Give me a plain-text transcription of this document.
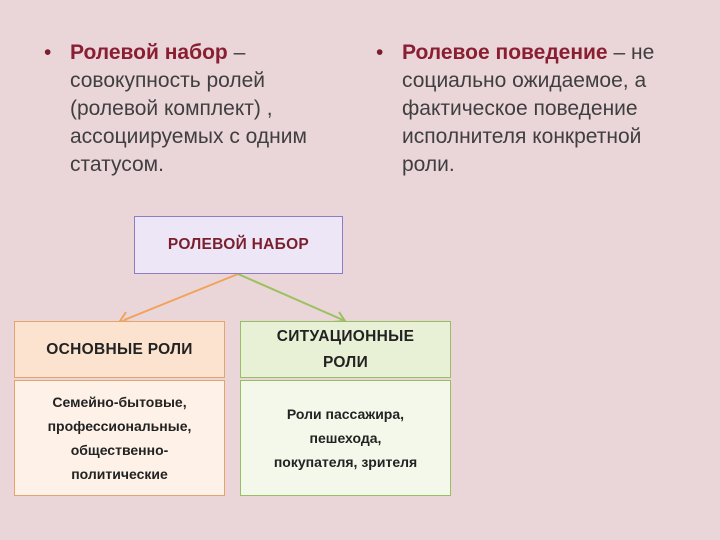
• Ролевой набор – совокупность ролей (ролевой комплект) , ассоциируемых с одним статусом.
• Ролевое поведение – не социально ожидаемое, а фактическое поведение исполнителя конкретной роли.
РОЛЕВОЙ НАБОР
ОСНОВНЫЕ РОЛИ
Семейно-бытовые,
профессиональные,
общественно-
политические
СИТУАЦИОННЫЕ
РОЛИ
Роли пассажира,
пешехода,
покупателя, зрителя
